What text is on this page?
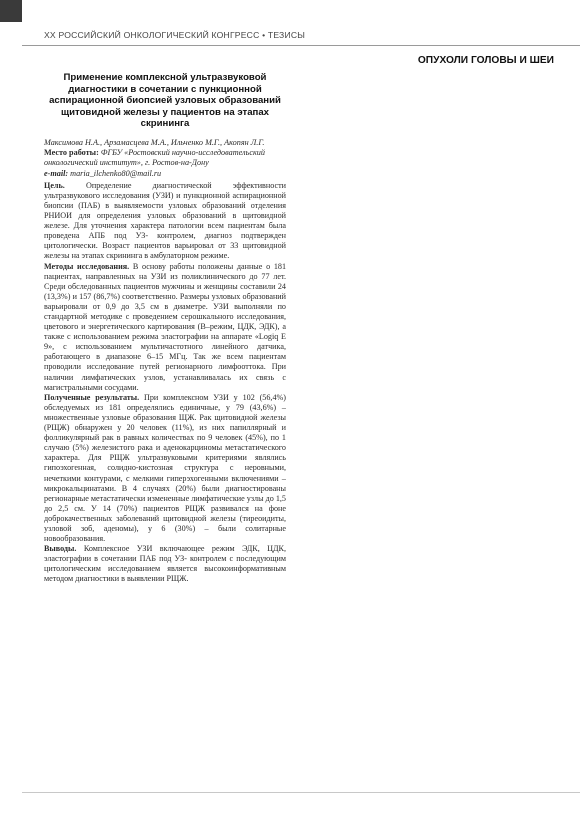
XX РОССИЙСКИЙ ОНКОЛОГИЧЕСКИЙ КОНГРЕСС • ТЕЗИСЫ
ОПУХОЛИ ГОЛОВЫ И ШЕИ

Применение комплексной ультразвуковой диагностики в сочетании с пункционной аспирационной биопсией узловых образований щитовидной железы у пациентов на этапах скрининга

Максимова Н.А., Арзамасцева М.А., Ильченко М.Г., Акопян Л.Г.
Место работы: ФГБУ «Ростовский научно-исследовательский онкологический институт», г. Ростов-на-Дону
e-mail: maria_ilchenko80@mail.ru

Цель.	Определение диагностической эффективности ультразвукового исследования (УЗИ) и пункционной аспирационной биопсии (ПАБ) в выявляемости узловых образований отделения РНИОИ для определения узловых образований в щитовидной железе. Для уточнения характера патологии всем пациентам была проведена АПБ под УЗ- контролем, диагноз подтвержден цитологически. Возраст пациентов варьировал от 33 щитовидной железы на этапах скрининга в амбулаторном режиме.

Методы исследования. В основу работы положены данные о 181 пациентах, направленных на УЗИ из поликлинического до 77 лет. Среди обследованных пациентов мужчины и женщины составили 24 (13,3%) и 157 (86,7%) соответственно. Размеры узловых образований варьировали от 0,9 до 3,5 см в диаметре. УЗИ выполняли по стандартной методике с проведением серошкального исследования, цветового и энергетического картирования (В–режим, ЦДК, ЭДК), а также с использованием режима эластографии на аппарате «Logiq E 9», с использованием мультичастотного линейного датчика, работающего в диапазоне 6–15 МГц. Так же всем пациентам проводили исследование путей регионарного лимфооттока. При наличии лимфатических узлов, устанавливалась их связь с магистральными сосудами.

Полученные результаты. При комплексном УЗИ у 102 (56,4%) обследуемых из 181 определялись единичные, у 79 (43,6%) – множественные узловые образования ЩЖ. Рак щитовидной железы (РЩЖ) обнаружен у 20 человек (11%), из них папиллярный и фолликулярный рак в равных количествах по 9 человек (45%), по 1 случаю (5%) железистого рака и аденокарциномы метастатического характера. Для РЩЖ ультразвуковыми критериями являлись гипоэхогенная, солидно-кистозная структура с неровными, нечеткими контурами, с мелкими гиперэхогенными включениями – микрокальцинатами. В 4 случаях (20%) были диагностированы регионарные метастатически измененные лимфатические узлы до 1,5 до 2,5 см. У 14 (70%) пациентов РЩЖ развивался на фоне доброкачественных заболеваний щитовидной железы (тиреоидиты, узловой зоб, аденомы), у 6 (30%) – были солитарные новообразования.

Выводы. Комплексное УЗИ включающее режим ЭДК, ЦДК, эластографии в сочетании ПАБ под УЗ- контролем с последующим цитологическим исследованием является высокоинформативным методом диагностики в выявлении РЩЖ.
